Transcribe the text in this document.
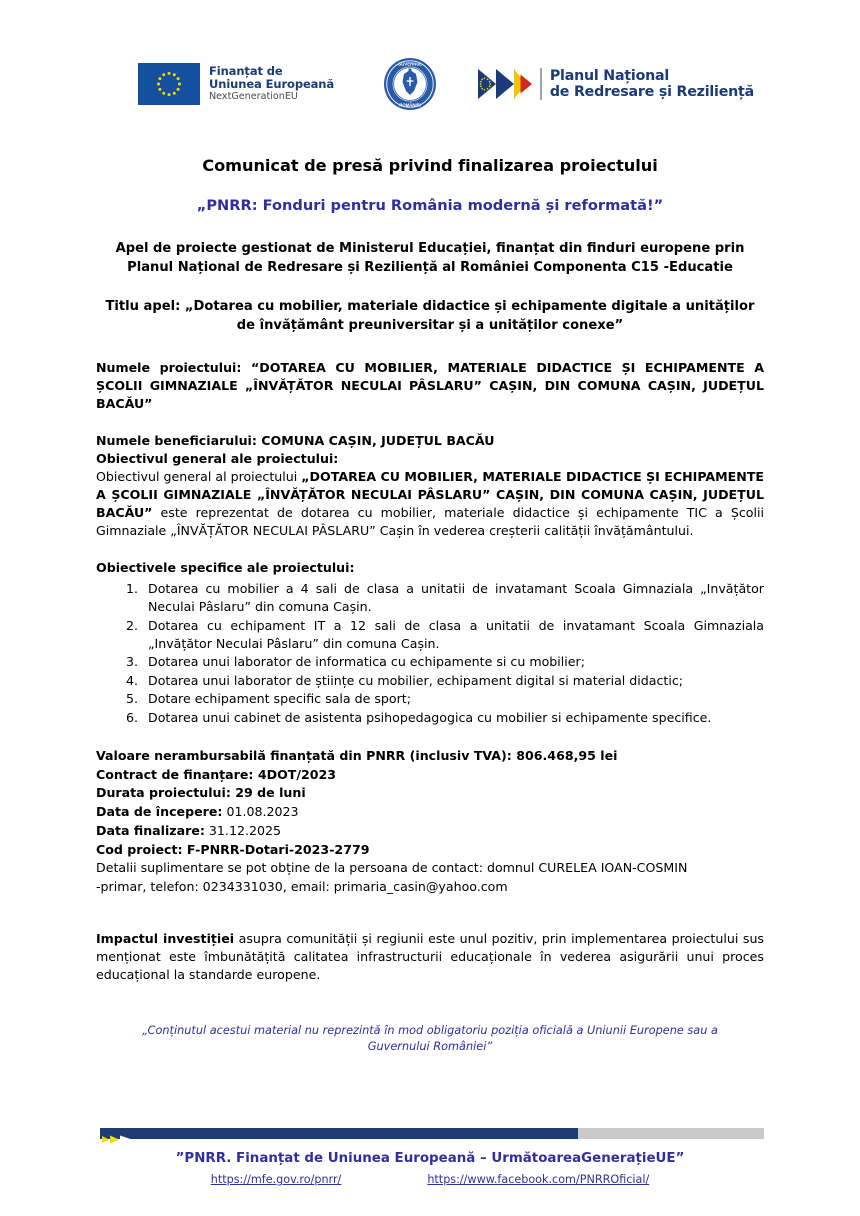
Finanțat de
Uniunea Europeană
NextGenerationEU
GUVERNUL
ROMÂNIEI
Planul Național
de Redresare și Reziliență
Comunicat de presă privind finalizarea proiectului
„PNRR: Fonduri pentru România modernă și reformată!”
Apel de proiecte gestionat de Ministerul Educației, finanțat din finduri europene prin
Planul Național de Redresare și Reziliență al României Componenta C15 -Educatie
Titlu apel: „Dotarea cu mobilier, materiale didactice și echipamente digitale a unităților
de învățământ preuniversitar și a unităților conexe”

Numele proiectului: “DOTAREA CU MOBILIER, MATERIALE DIDACTICE ȘI ECHIPAMENTE A ȘCOLII GIMNAZIALE „ÎNVĂȚĂTOR NECULAI PÂSLARU” CAȘIN, DIN COMUNA CAȘIN, JUDEȚUL BACĂU”

Numele beneficiarului: COMUNA CAȘIN, JUDEȚUL BACĂU

Obiectivul general ale proiectului:

Obiectivul general al proiectului „DOTAREA CU MOBILIER, MATERIALE DIDACTICE ȘI ECHIPAMENTE A ȘCOLII GIMNAZIALE „ÎNVĂȚĂTOR NECULAI PÂSLARU” CAȘIN, DIN COMUNA CAȘIN, JUDEȚUL BACĂU” este reprezentat de dotarea cu mobilier, materiale didactice și echipamente TIC a Școlii Gimnaziale „ÎNVĂȚĂTOR NECULAI PÂSLARU” Cașin în vederea creșterii calității învățământului.

Obiectivele specifice ale proiectului:

1. Dotarea cu mobilier a 4 sali de clasa a unitatii de invatamant Scoala Gimnaziala „Invățător Neculai Pâslaru” din comuna Cașin.
2. Dotarea cu echipament IT a 12 sali de clasa a unitatii de invatamant Scoala Gimnaziala „Invățător Neculai Pâslaru” din comuna Cașin.
3. Dotarea unui laborator de informatica cu echipamente si cu mobilier;
4. Dotarea unui laborator de științe cu mobilier, echipament digital si material didactic;
5. Dotare echipament specific sala de sport;
6. Dotarea unui cabinet de asistenta psihopedagogica cu mobilier si echipamente specifice.
Valoare nerambursabilă finanțată din PNRR (inclusiv TVA): 806.468,95 lei
Contract de finanțare: 4DOT/2023
Durata proiectului: 29 de luni
Data de începere: 01.08.2023
Data finalizare: 31.12.2025
Cod proiect: F-PNRR-Dotari-2023-2779
Detalii suplimentare se pot obține de la persoana de contact: domnul CURELEA IOAN-COSMIN
-primar, telefon: 0234331030, email: primaria_casin@yahoo.com

Impactul investiției asupra comunității și regiunii este unul pozitiv, prin implementarea proiectului sus menționat este îmbunătățită calitatea infrastructurii educaționale în vederea asigurării unui proces educațional la standarde europene.

„Conținutul acestui material nu reprezintă în mod obligatoriu poziția oficială a Uniunii Europene sau a Guvernului României”
”PNRR. Finanțat de Uniunea Europeană – UrmătoareaGenerațieUE”
https://mfe.gov.ro/pnrr/	https://www.facebook.com/PNRROficial/
